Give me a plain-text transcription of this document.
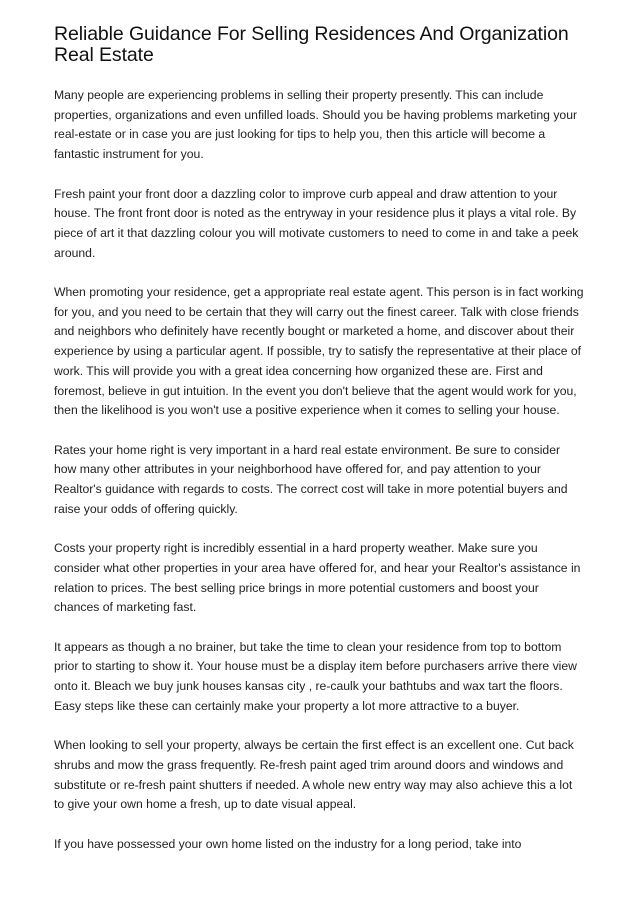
Reliable Guidance For Selling Residences And Organization Real Estate

Many people are experiencing problems in selling their property presently. This can include properties, organizations and even unfilled loads. Should you be having problems marketing your real-estate or in case you are just looking for tips to help you, then this article will become a fantastic instrument for you.

Fresh paint your front door a dazzling color to improve curb appeal and draw attention to your house. The front front door is noted as the entryway in your residence plus it plays a vital role. By piece of art it that dazzling colour you will motivate customers to need to come in and take a peek around.

When promoting your residence, get a appropriate real estate agent. This person is in fact working for you, and you need to be certain that they will carry out the finest career. Talk with close friends and neighbors who definitely have recently bought or marketed a home, and discover about their experience by using a particular agent. If possible, try to satisfy the representative at their place of work. This will provide you with a great idea concerning how organized these are. First and foremost, believe in gut intuition. In the event you don't believe that the agent would work for you, then the likelihood is you won't use a positive experience when it comes to selling your house.

Rates your home right is very important in a hard real estate environment. Be sure to consider how many other attributes in your neighborhood have offered for, and pay attention to your Realtor's guidance with regards to costs. The correct cost will take in more potential buyers and raise your odds of offering quickly.

Costs your property right is incredibly essential in a hard property weather. Make sure you consider what other properties in your area have offered for, and hear your Realtor's assistance in relation to prices. The best selling price brings in more potential customers and boost your chances of marketing fast.

It appears as though a no brainer, but take the time to clean your residence from top to bottom prior to starting to show it. Your house must be a display item before purchasers arrive there view onto it. Bleach we buy junk houses kansas city , re-caulk your bathtubs and wax tart the floors. Easy steps like these can certainly make your property a lot more attractive to a buyer.

When looking to sell your property, always be certain the first effect is an excellent one. Cut back shrubs and mow the grass frequently. Re-fresh paint aged trim around doors and windows and substitute or re-fresh paint shutters if needed. A whole new entry way may also achieve this a lot to give your own home a fresh, up to date visual appeal.

If you have possessed your own home listed on the industry for a long period, take into
